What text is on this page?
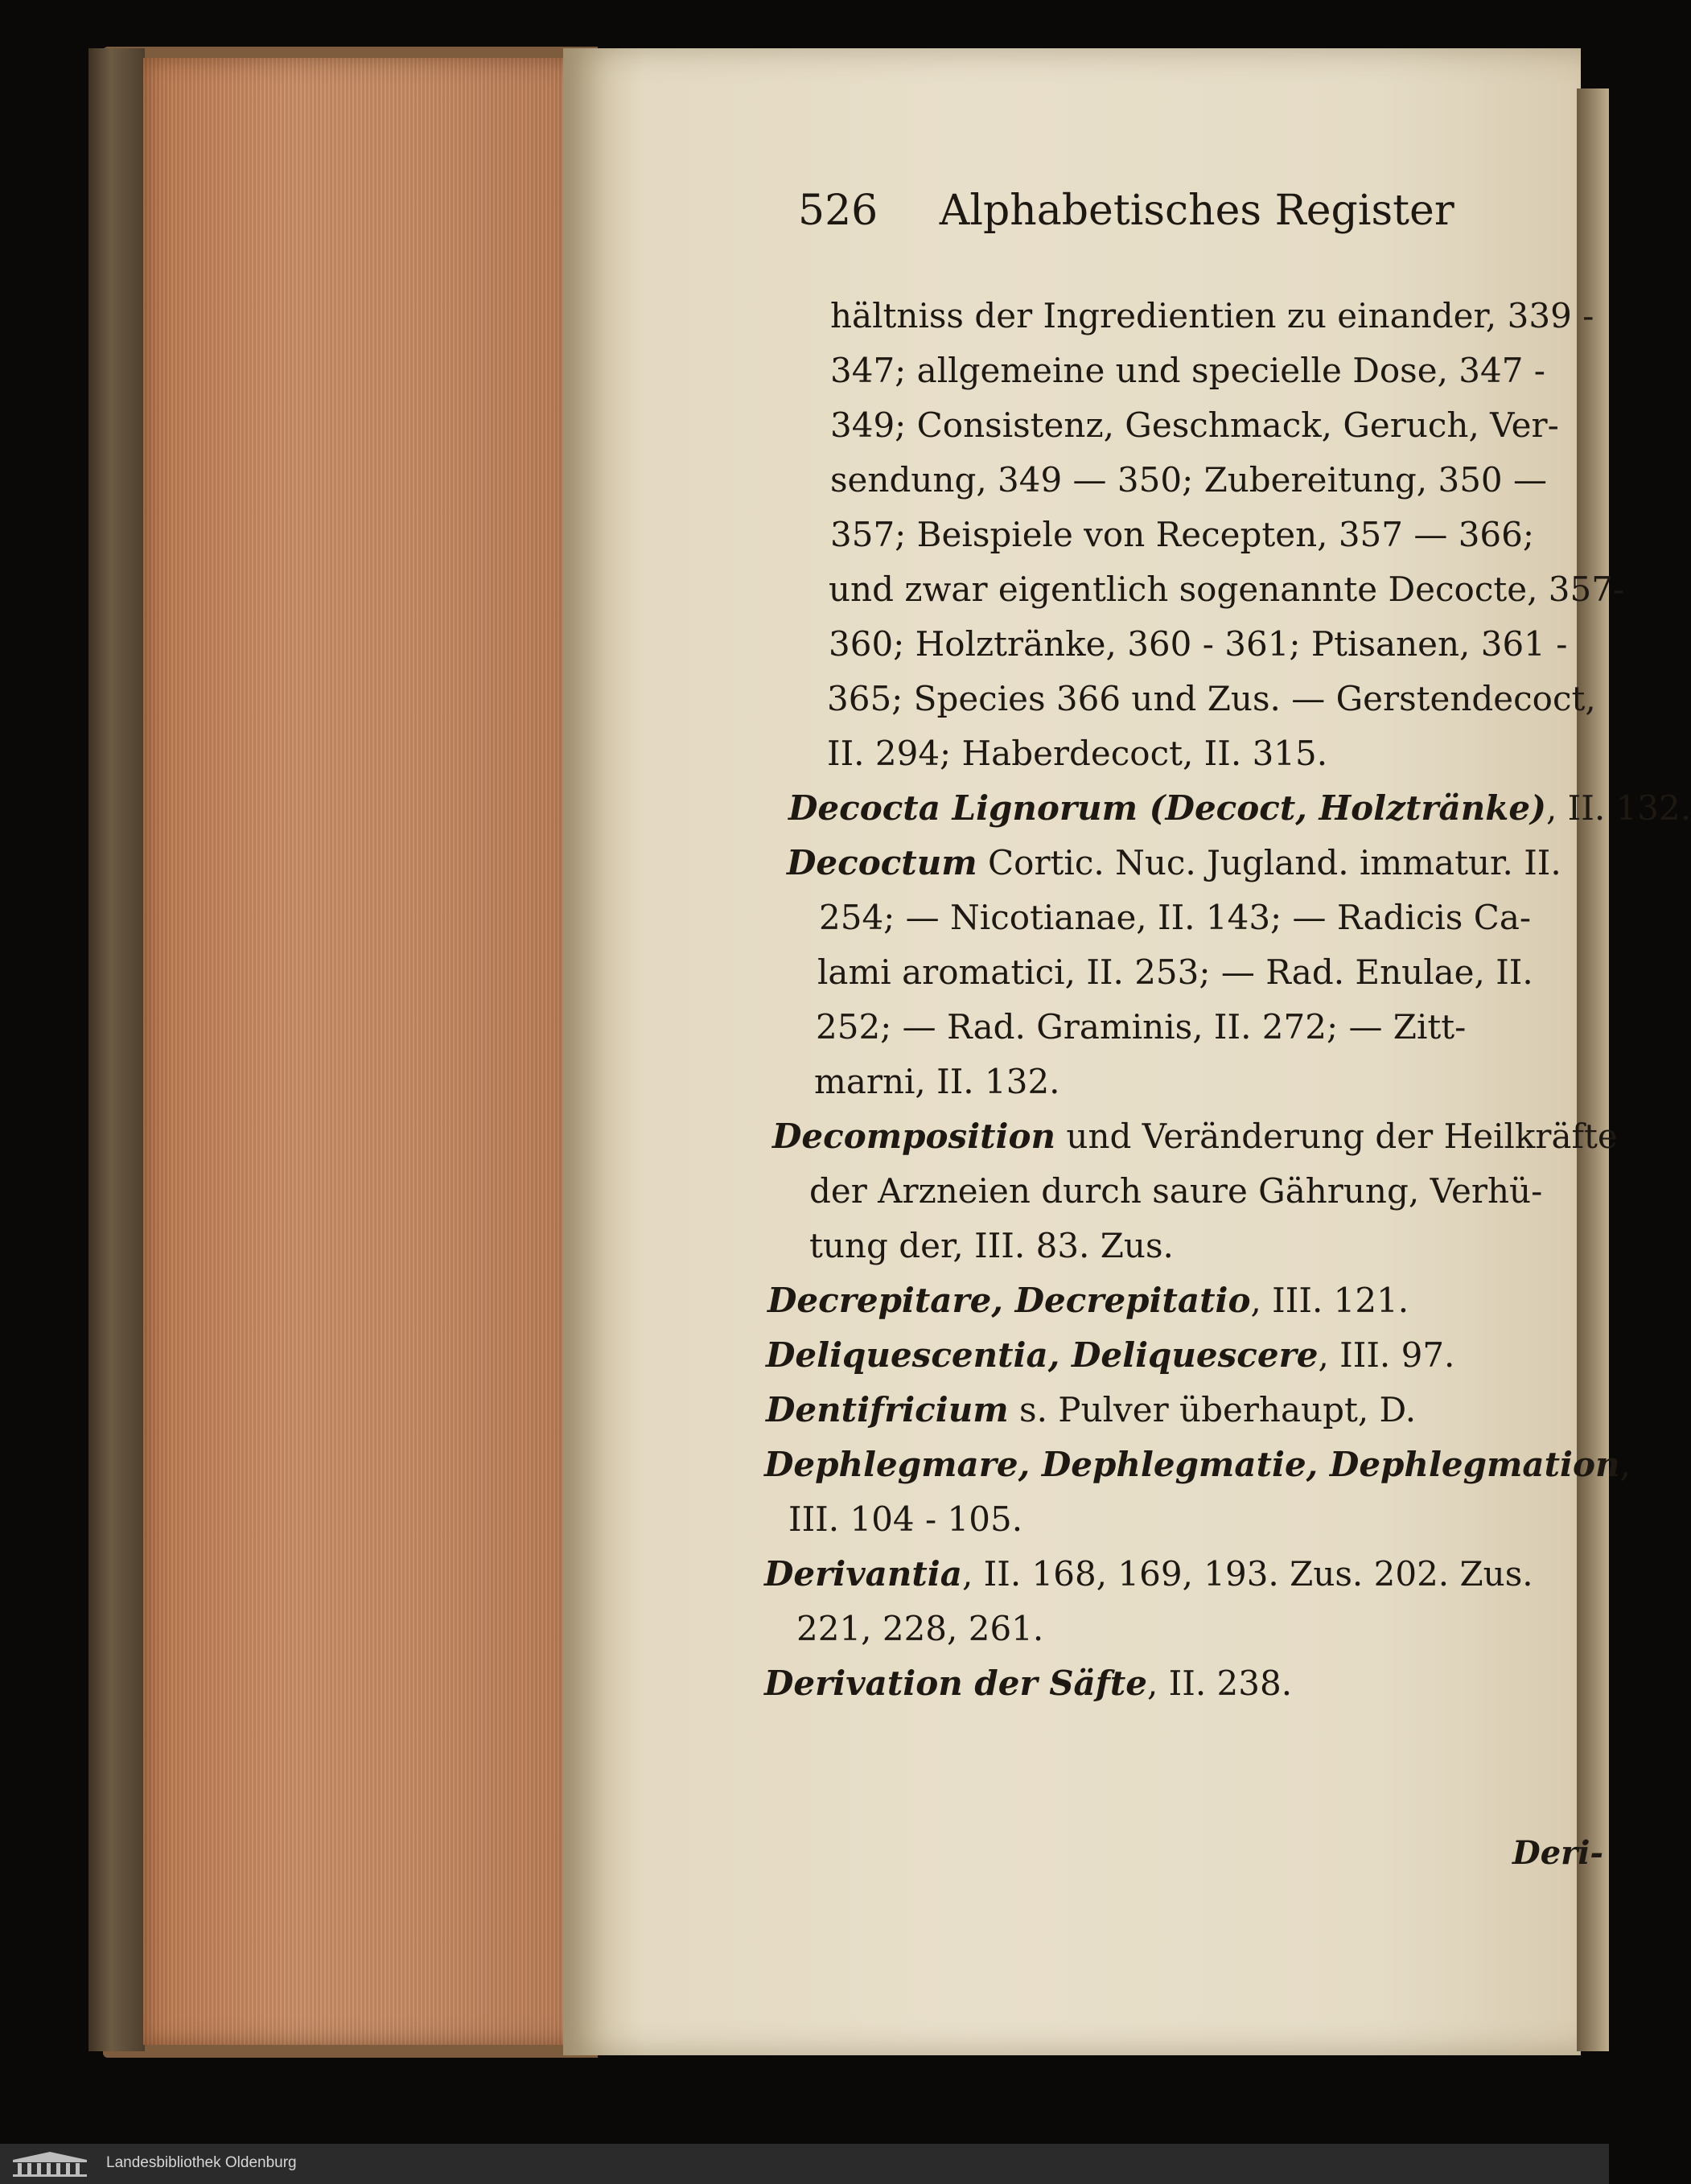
526 Alphabetisches Register
hältniss der Ingredientien zu einander, 339 -
347; allgemeine und specielle Dose, 347 -
349; Consistenz, Geschmack, Geruch, Ver-
sendung, 349 — 350; Zubereitung, 350 —
357; Beispiele von Recepten, 357 — 366;
und zwar eigentlich sogenannte Decocte, 357-
360; Holztränke, 360 - 361; Ptisanen, 361 -
365; Species 366 und Zus. — Gerstendecoct,
II. 294; Haberdecoct, II. 315.
Decocta Lignorum (Decoct, Holztränke), II. 132.
Decoctum Cortic. Nuc. Jugland. immatur. II.
254; — Nicotianae, II. 143; — Radicis Ca-
lami aromatici, II. 253; — Rad. Enulae, II.
252; — Rad. Graminis, II. 272; — Zitt-
marni, II. 132.
Decomposition und Veränderung der Heilkräfte
der Arzneien durch saure Gährung, Verhü-
tung der, III. 83. Zus.
Decrepitare, Decrepitatio, III. 121.
Deliquescentia, Deliquescere, III. 97.
Dentifricium s. Pulver überhaupt, D.
Dephlegmare, Dephlegmatie, Dephlegmation,
III. 104 - 105.
Derivantia, II. 168, 169, 193. Zus. 202. Zus.
221, 228, 261.
Derivation der Säfte, II. 238.
Deri-
Landesbibliothek Oldenburg
